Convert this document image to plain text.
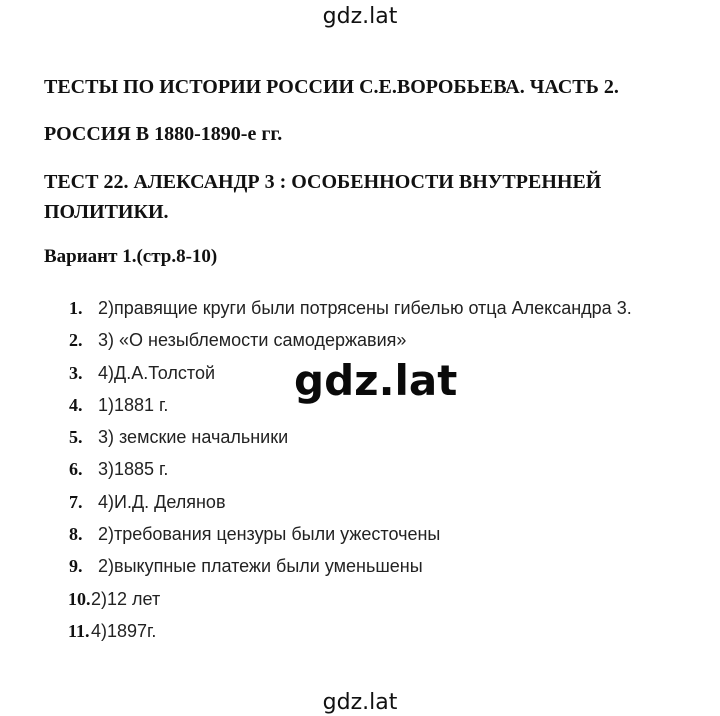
gdz.lat
ТЕСТЫ ПО ИСТОРИИ РОССИИ С.Е.ВОРОБЬЕВА. ЧАСТЬ 2.
РОССИЯ В 1880-1890-е гг.
ТЕСТ 22. АЛЕКСАНДР 3 : ОСОБЕННОСТИ ВНУТРЕННЕЙ ПОЛИТИКИ.
Вариант 1.(стр.8-10)
1. 2)правящие круги были потрясены гибелью отца Александра 3.
2. 3) «О незыблемости самодержавия»
3. 4)Д.А.Толстой
4. 1)1881 г.
5. 3) земские начальники
6. 3)1885 г.
7. 4)И.Д. Делянов
8. 2)требования цензуры были ужесточены
9. 2)выкупные платежи были уменьшены
10.2)12 лет
11.4)1897г.
gdz.lat
gdz.lat
